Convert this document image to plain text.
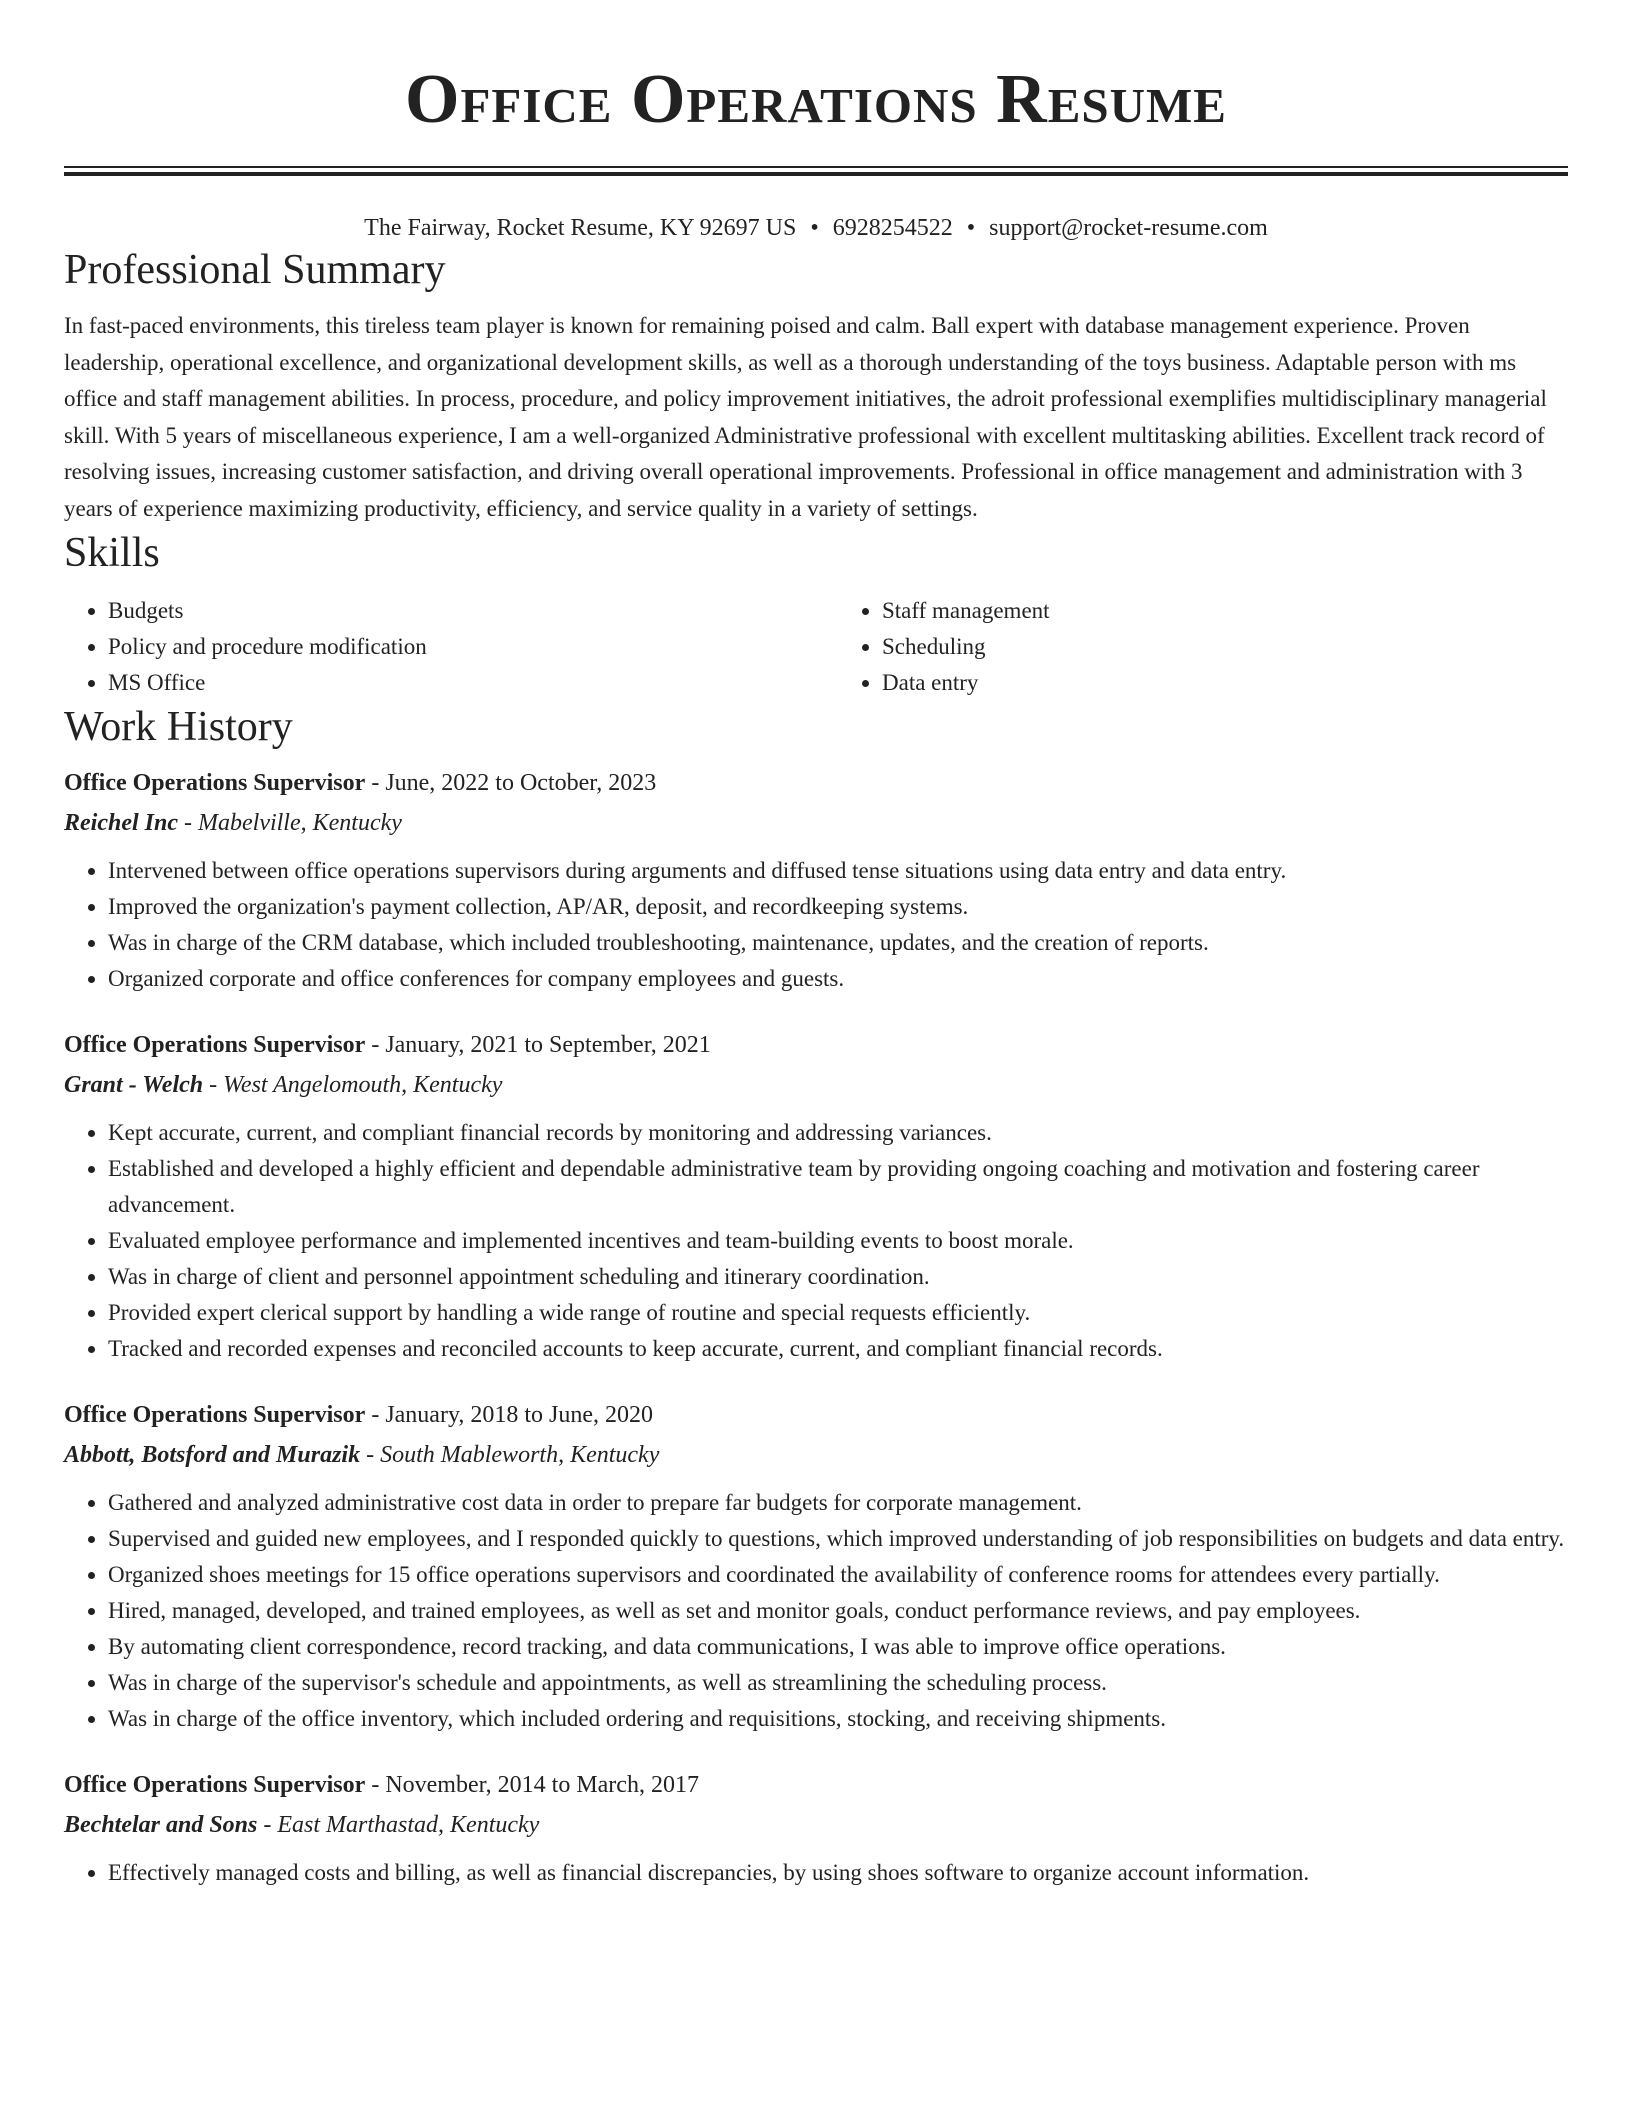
Office Operations Resume
The Fairway, Rocket Resume, KY 92697 US • 6928254522 • support@rocket-resume.com
Professional Summary
In fast-paced environments, this tireless team player is known for remaining poised and calm. Ball expert with database management experience. Proven leadership, operational excellence, and organizational development skills, as well as a thorough understanding of the toys business. Adaptable person with ms office and staff management abilities. In process, procedure, and policy improvement initiatives, the adroit professional exemplifies multidisciplinary managerial skill. With 5 years of miscellaneous experience, I am a well-organized Administrative professional with excellent multitasking abilities. Excellent track record of resolving issues, increasing customer satisfaction, and driving overall operational improvements. Professional in office management and administration with 3 years of experience maximizing productivity, efficiency, and service quality in a variety of settings.
Skills
• Budgets
• Policy and procedure modification
• MS Office
• Staff management
• Scheduling
• Data entry
Work History
Office Operations Supervisor - June, 2022 to October, 2023
Reichel Inc - Mabelville, Kentucky
• Intervened between office operations supervisors during arguments and diffused tense situations using data entry and data entry.
• Improved the organization's payment collection, AP/AR, deposit, and recordkeeping systems.
• Was in charge of the CRM database, which included troubleshooting, maintenance, updates, and the creation of reports.
• Organized corporate and office conferences for company employees and guests.
Office Operations Supervisor - January, 2021 to September, 2021
Grant - Welch - West Angelomouth, Kentucky
• Kept accurate, current, and compliant financial records by monitoring and addressing variances.
• Established and developed a highly efficient and dependable administrative team by providing ongoing coaching and motivation and fostering career advancement.
• Evaluated employee performance and implemented incentives and team-building events to boost morale.
• Was in charge of client and personnel appointment scheduling and itinerary coordination.
• Provided expert clerical support by handling a wide range of routine and special requests efficiently.
• Tracked and recorded expenses and reconciled accounts to keep accurate, current, and compliant financial records.
Office Operations Supervisor - January, 2018 to June, 2020
Abbott, Botsford and Murazik - South Mableworth, Kentucky
• Gathered and analyzed administrative cost data in order to prepare far budgets for corporate management.
• Supervised and guided new employees, and I responded quickly to questions, which improved understanding of job responsibilities on budgets and data entry.
• Organized shoes meetings for 15 office operations supervisors and coordinated the availability of conference rooms for attendees every partially.
• Hired, managed, developed, and trained employees, as well as set and monitor goals, conduct performance reviews, and pay employees.
• By automating client correspondence, record tracking, and data communications, I was able to improve office operations.
• Was in charge of the supervisor's schedule and appointments, as well as streamlining the scheduling process.
• Was in charge of the office inventory, which included ordering and requisitions, stocking, and receiving shipments.
Office Operations Supervisor - November, 2014 to March, 2017
Bechtelar and Sons - East Marthastad, Kentucky
• Effectively managed costs and billing, as well as financial discrepancies, by using shoes software to organize account information.
